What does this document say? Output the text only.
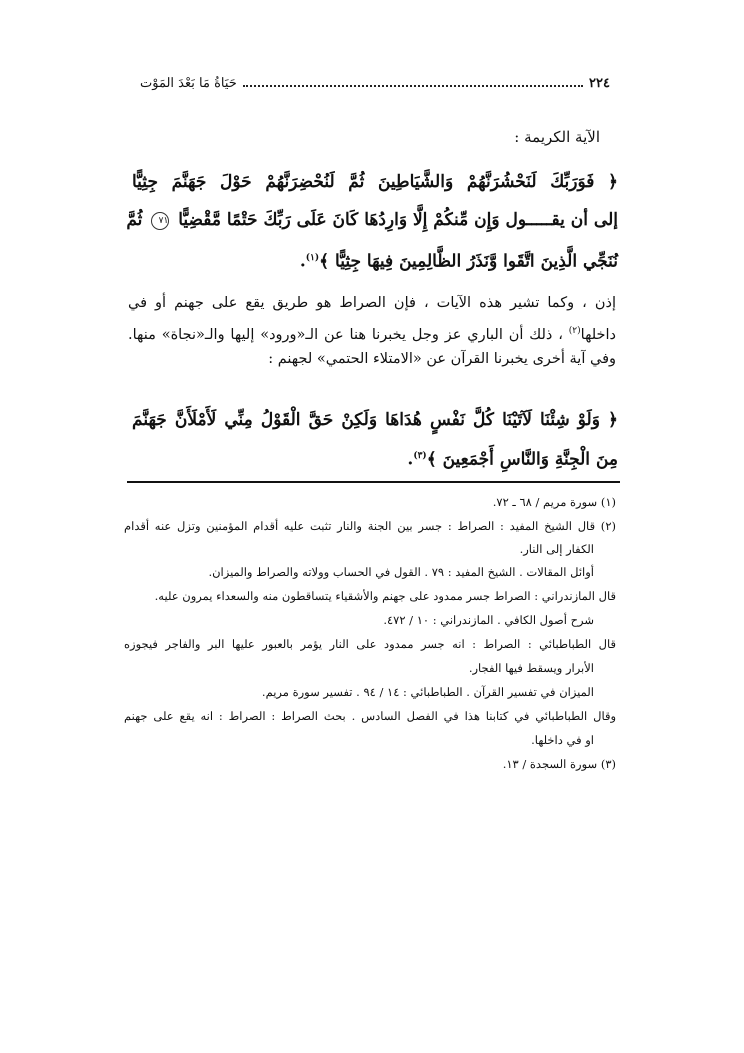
٢٢٤
حَيَاةُ مَا بَعْدَ المَوْت
الآية الكريمة :
﴿ فَوَرَبِّكَ لَنَحْشُرَنَّهُمْ وَالشَّيَاطِينَ ثُمَّ لَنُحْضِرَنَّهُمْ حَوْلَ جَهَنَّمَ جِثِيًّا
إلى أن يقـــــول وَإِن مِّنكُمْ إِلَّا وَارِدُهَا كَانَ عَلَى رَبِّكَ حَتْمًا مَّقْضِيًّا ٧١ ثُمَّ
نُنَجِّي الَّذِينَ اتَّقَوا وَّنَذَرُ الظَّالِمِينَ فِيهَا جِثِيًّا ﴾$^{(١)}$.
إذن ، وكما تشير هذه الآيات ، فإن الصراط هو طريق يقع على جهنم أو في
داخلها$^{(٢)}$ ، ذلك أن الباري عز وجل يخبرنا هنا عن الـ«ورود» إليها والـ«نجاة» منها.
وفي آية أخرى يخبرنا القرآن عن «الامتلاء الحتمي» لجهنم :
﴿ وَلَوْ شِئْنَا لَآتَيْنَا كُلَّ نَفْسٍ هُدَاهَا وَلَكِنْ حَقَّ الْقَوْلُ مِنِّي لَأَمْلَأَنَّ جَهَنَّمَ
مِنَ الْجِنَّةِ وَالنَّاسِ أَجْمَعِينَ ﴾$^{(٣)}$.
(١) سورة مريم / ٦٨ ـ ٧٢.
(٢) قال الشيخ المفيد : الصراط : جسر بين الجنة والنار تثبت عليه أقدام المؤمنين وتزل عنه أقدام
الكفار إلى النار.
أوائل المقالات . الشيخ المفيد : ٧٩ . القول في الحساب وولاته والصراط والميزان.
قال المازندراني : الصراط جسر ممدود على جهنم والأشقياء يتساقطون منه والسعداء يمرون عليه.
شرح أصول الكافي . المازندراني : ١٠ / ٤٧٢.
قال الطباطبائي : الصراط : انه جسر ممدود على النار يؤمر بالعبور عليها البر والفاجر فيجوزه
الأبرار ويسقط فيها الفجار.
الميزان في تفسير القرآن . الطباطبائي : ١٤ / ٩٤ . تفسير سورة مريم.
وقال الطباطبائي في كتابنا هذا في الفصل السادس . بحث الصراط : الصراط : انه يقع على جهنم
او في داخلها.
(٣) سورة السجدة / ١٣.
